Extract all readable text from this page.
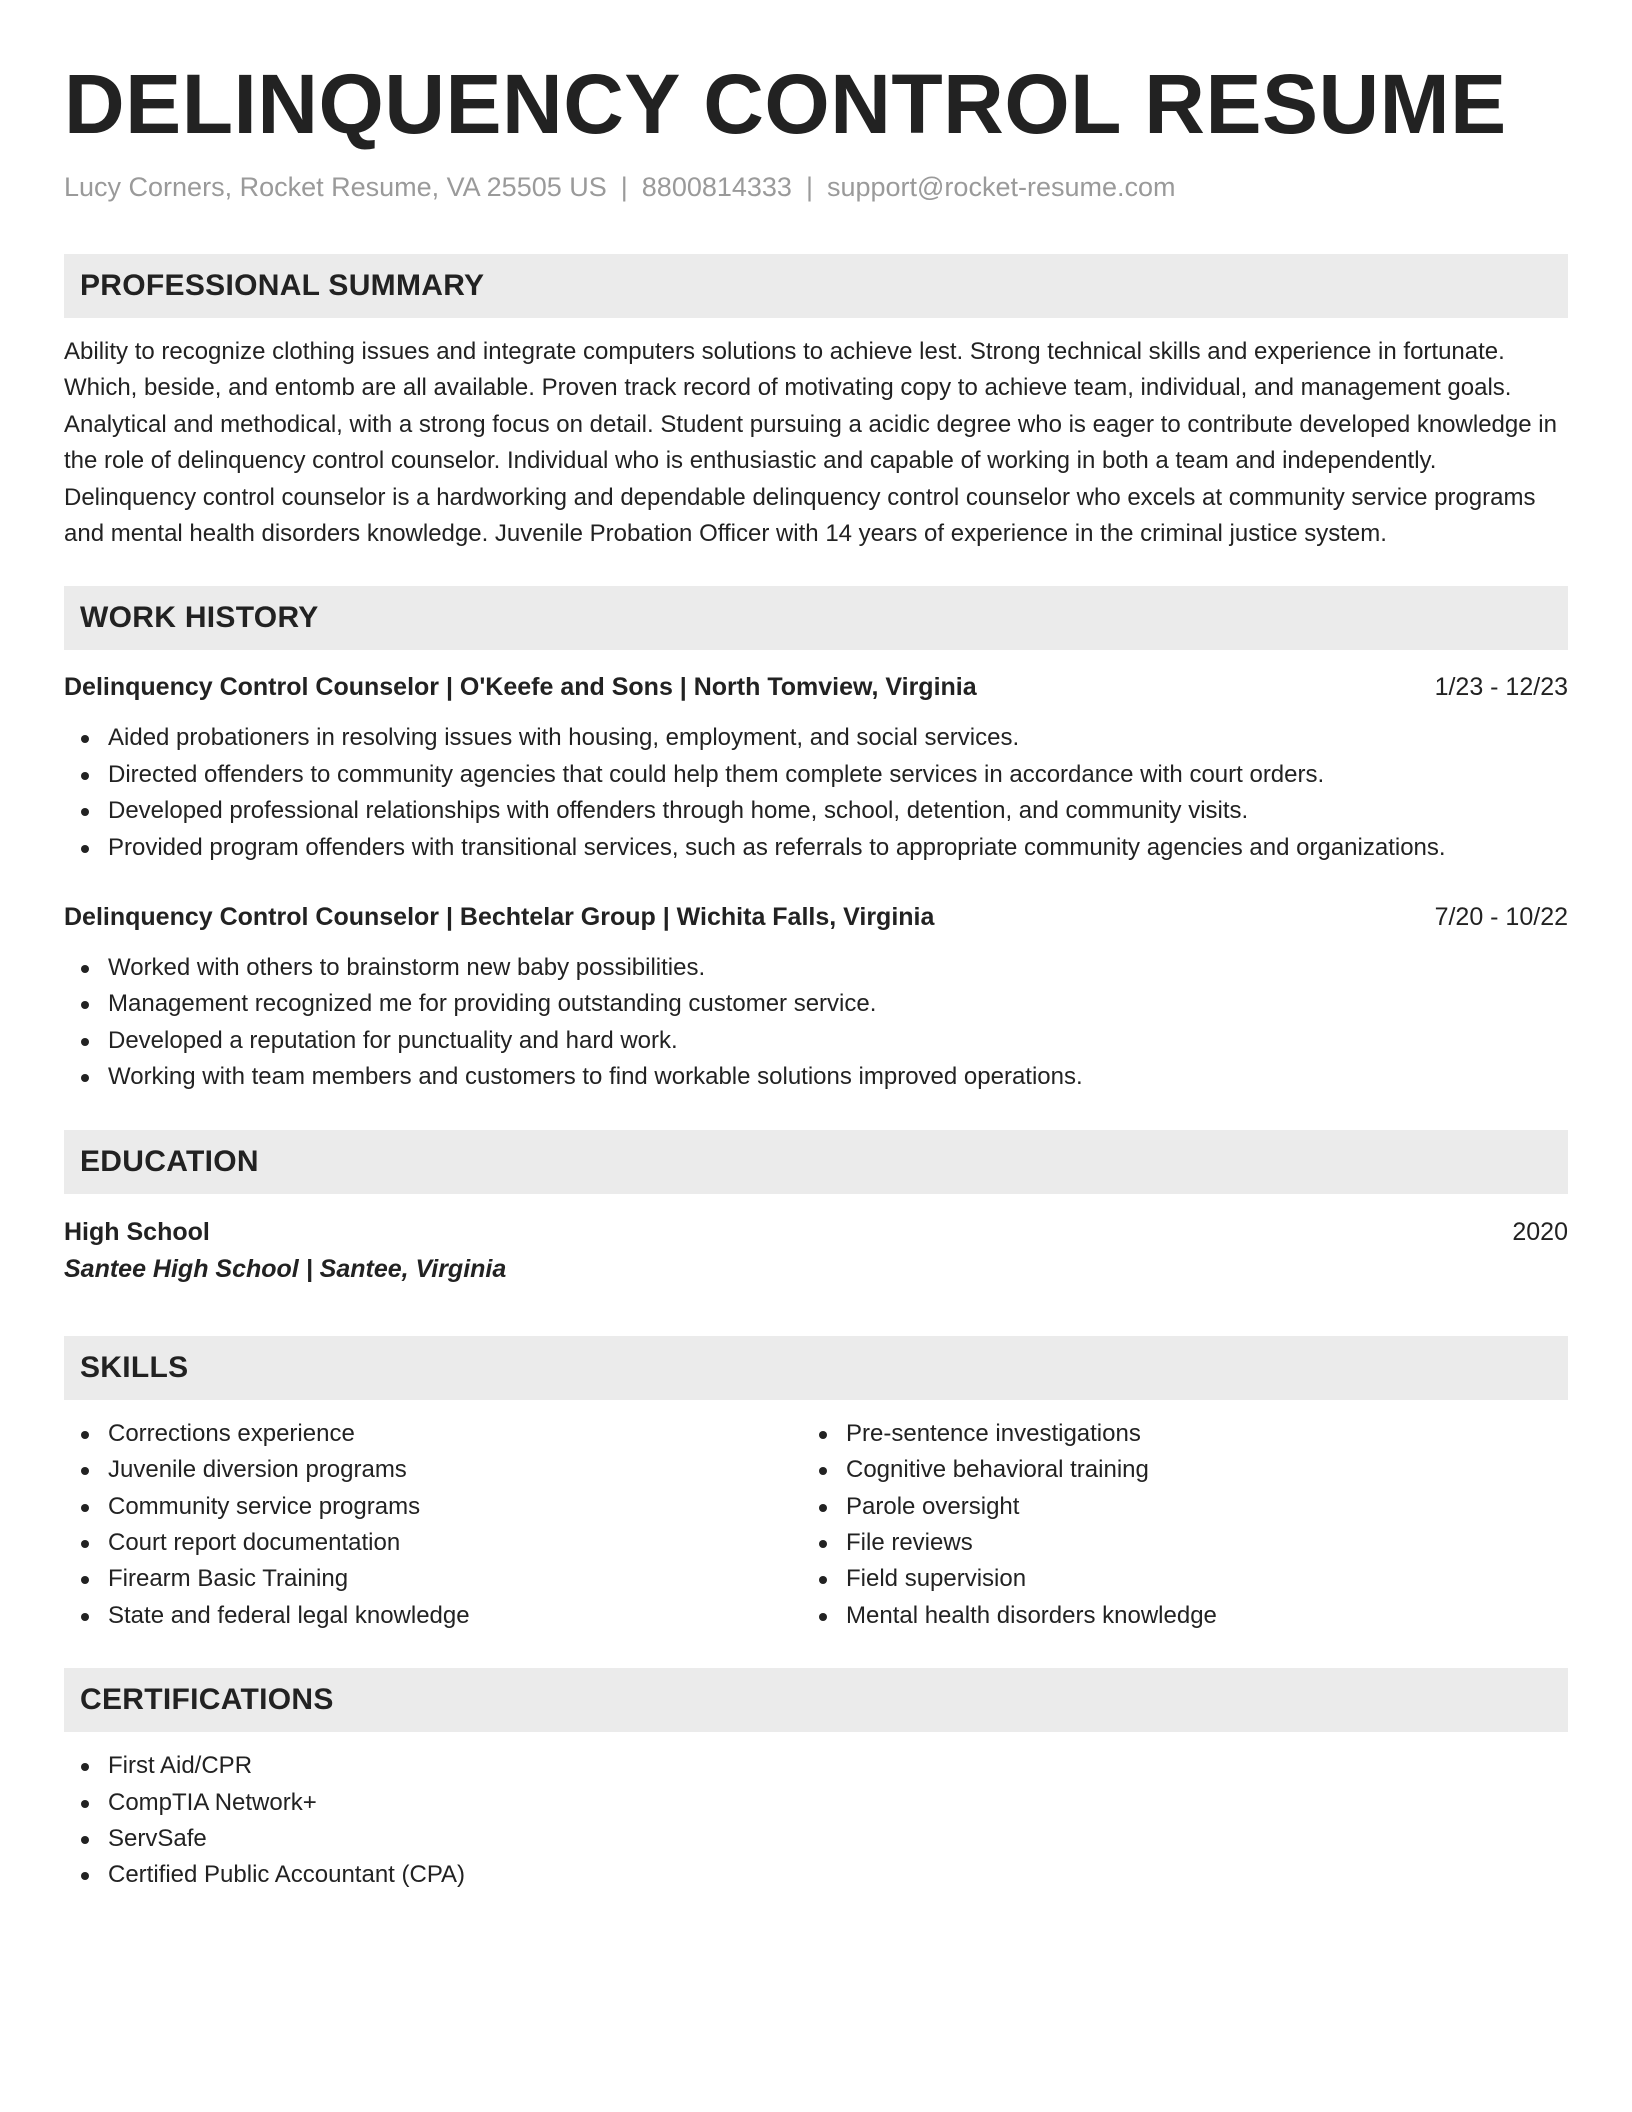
DELINQUENCY CONTROL RESUME
Lucy Corners, Rocket Resume, VA 25505 US | 8800814333 | support@rocket-resume.com
PROFESSIONAL SUMMARY
Ability to recognize clothing issues and integrate computers solutions to achieve lest. Strong technical skills and experience in fortunate. Which, beside, and entomb are all available. Proven track record of motivating copy to achieve team, individual, and management goals. Analytical and methodical, with a strong focus on detail. Student pursuing a acidic degree who is eager to contribute developed knowledge in the role of delinquency control counselor. Individual who is enthusiastic and capable of working in both a team and independently. Delinquency control counselor is a hardworking and dependable delinquency control counselor who excels at community service programs and mental health disorders knowledge. Juvenile Probation Officer with 14 years of experience in the criminal justice system.
WORK HISTORY
Delinquency Control Counselor | O'Keefe and Sons | North Tomview, Virginia	1/23 - 12/23
Aided probationers in resolving issues with housing, employment, and social services.
Directed offenders to community agencies that could help them complete services in accordance with court orders.
Developed professional relationships with offenders through home, school, detention, and community visits.
Provided program offenders with transitional services, such as referrals to appropriate community agencies and organizations.
Delinquency Control Counselor | Bechtelar Group | Wichita Falls, Virginia	7/20 - 10/22
Worked with others to brainstorm new baby possibilities.
Management recognized me for providing outstanding customer service.
Developed a reputation for punctuality and hard work.
Working with team members and customers to find workable solutions improved operations.
EDUCATION
High School	2020
Santee High School | Santee, Virginia
SKILLS
Corrections experience
Juvenile diversion programs
Community service programs
Court report documentation
Firearm Basic Training
State and federal legal knowledge
Pre-sentence investigations
Cognitive behavioral training
Parole oversight
File reviews
Field supervision
Mental health disorders knowledge
CERTIFICATIONS
First Aid/CPR
CompTIA Network+
ServSafe
Certified Public Accountant (CPA)
